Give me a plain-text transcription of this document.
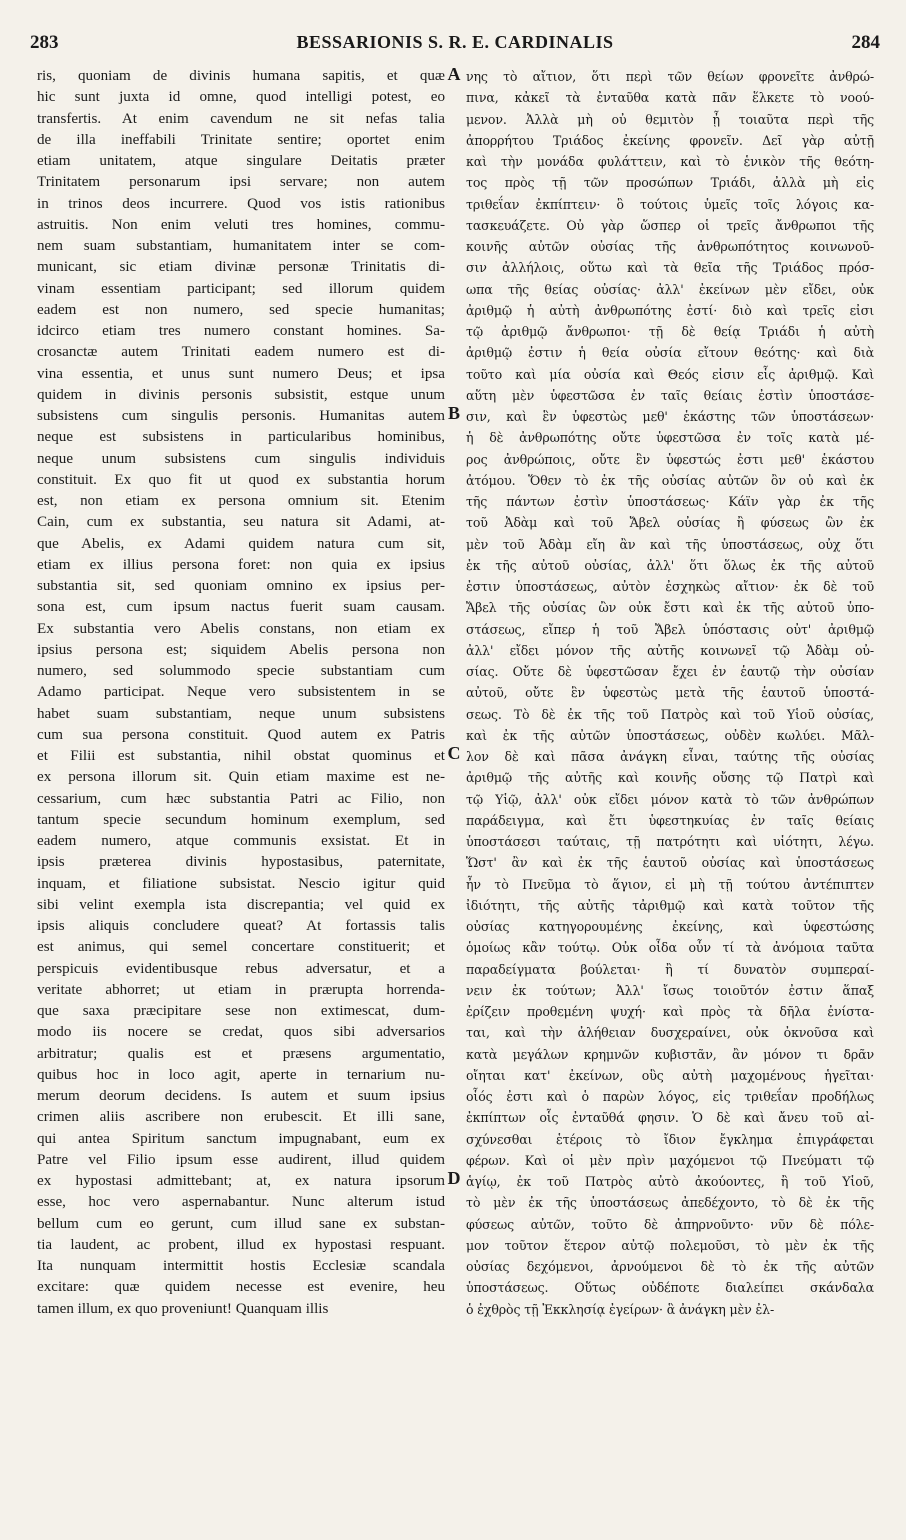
283	BESSARIONIS S. R. E. CARDINALIS	284
ris, quoniam de divinis humana sapitis, et quæ
hic sunt juxta id omne, quod intelligi potest, eo
transfertis. At enim cavendum ne sit nefas talia
de illa ineffabili Trinitate sentire; oportet enim
etiam unitatem, atque singulare Deitatis præter
Trinitatem personarum ipsi servare; non autem
in trinos deos incurrere. Quod vos istis rationibus
astruitis. Non enim veluti tres homines, commu-
nem suam substantiam, humanitatem inter se com-
municant, sic etiam divinæ personæ Trinitatis di-
vinam essentiam participant; sed illorum quidem
eadem est non numero, sed specie humanitas;
idcirco etiam tres numero constant homines. Sa-
crosanctæ autem Trinitati eadem numero est di-
vina essentia, et unus sunt numero Deus; et ipsa
quidem in divinis personis subsistit, estque unum
subsistens cum singulis personis. Humanitas autem
neque est subsistens in particularibus hominibus,
neque unum subsistens cum singulis individuis
constituit. Ex quo fit ut quod ex substantia horum
est, non etiam ex persona omnium sit. Etenim
Cain, cum ex substantia, seu natura sit Adami, at-
que Abelis, ex Adami quidem natura cum sit,
etiam ex illius persona foret: non quia ex ipsius
substantia sit, sed quoniam omnino ex ipsius per-
sona est, cum ipsum nactus fuerit suam causam.
Ex substantia vero Abelis constans, non etiam ex
ipsius persona est; siquidem Abelis persona non
numero, sed solummodo specie substantiam cum
Adamo participat. Neque vero subsistentem in se
habet suam substantiam, neque unum subsistens
cum sua persona constituit. Quod autem ex Patris
et Filii est substantia, nihil obstat quominus et
ex persona illorum sit. Quin etiam maxime est ne-
cessarium, cum hæc substantia Patri ac Filio, non
tantum specie secundum hominum exemplum, sed
eadem numero, atque communis exsistat. Et in
ipsis præterea divinis hypostasibus, paternitate,
inquam, et filiatione subsistat. Nescio igitur quid
sibi velint exempla ista discrepantia; vel quid ex
ipsis aliquis concludere queat? At fortassis talis
est animus, qui semel concertare constituerit; et
perspicuis evidentibusque rebus adversatur, et a
veritate abhorret; ut etiam in prærupta horrenda-
que saxa præcipitare sese non extimescat, dum-
modo iis nocere se credat, quos sibi adversarios
arbitratur; qualis est et præsens argumentatio,
quibus hoc in loco agit, aperte in ternarium nu-
merum deorum decidens. Is autem et suum ipsius
crimen aliis ascribere non erubescit. Et illi sane,
qui antea Spiritum sanctum impugnabant, eum ex
Patre vel Filio ipsum esse audirent, illud quidem
ex hypostasi admittebant; at, ex natura ipsorum
esse, hoc vero aspernabantur. Nunc alterum istud
bellum cum eo gerunt, cum illud sane ex substan-
tia laudent, ac probent, illud ex hypostasi respuant.
Ita nunquam intermittit hostis Ecclesiæ scandala
excitare: quæ quidem necesse est evenire, heu
tamen illum, ex quo proveniunt! Quanquam illis
νης τὸ αἴτιον, ὅτι περὶ τῶν θείων φρονεῖτε ἀνθρώ-
πινα, κἀκεῖ τὰ ἐνταῦθα κατὰ πᾶν ἕλκετε τὸ νοού-
μενον. Ἀλλὰ μὴ οὐ θεμιτὸν ᾖ τοιαῦτα περὶ τῆς
ἀπορρήτου Τριάδος ἐκείνης φρονεῖν. Δεῖ γὰρ αὐτῇ
καὶ τὴν μονάδα φυλάττειν, καὶ τὸ ἑνικὸν τῆς θεότη-
τος πρὸς τῇ τῶν προσώπων Τριάδι, ἀλλὰ μὴ εἰς
τριθεΐαν ἐκπίπτειν· ὃ τούτοις ὑμεῖς τοῖς λόγοις κα-
τασκευάζετε. Οὐ γὰρ ὥσπερ οἱ τρεῖς ἄνθρωποι τῆς
κοινῆς αὐτῶν οὐσίας τῆς ἀνθρωπότητος κοινωνοῦ-
σιν ἀλλήλοις, οὕτω καὶ τὰ θεῖα τῆς Τριάδος πρόσ-
ωπα τῆς θείας οὐσίας· ἀλλ' ἐκείνων μὲν εἴδει, οὐκ
ἀριθμῷ ἡ αὐτὴ ἀνθρωπότης ἐστί· διὸ καὶ τρεῖς εἰσι
τῷ ἀριθμῷ ἄνθρωποι· τῇ δὲ θείᾳ Τριάδι ἡ αὐτὴ
ἀριθμῷ ἐστιν ἡ θεία οὐσία εἴτουν θεότης· καὶ διὰ
τοῦτο καὶ μία οὐσία καὶ Θεός εἰσιν εἷς ἀριθμῷ. Καὶ
αὕτη μὲν ὑφεστῶσα ἐν ταῖς θείαις ἐστὶν ὑποστάσε-
σιν, καὶ ἓν ὑφεστὼς μεθ' ἑκάστης τῶν ὑποστάσεων·
ἡ δὲ ἀνθρωπότης οὔτε ὑφεστῶσα ἐν τοῖς κατὰ μέ-
ρος ἀνθρώποις, οὔτε ἓν ὑφεστώς ἐστι μεθ' ἑκάστου
ἀτόμου. Ὅθεν τὸ ἐκ τῆς οὐσίας αὐτῶν ὂν οὐ καὶ ἐκ
τῆς πάντων ἐστὶν ὑποστάσεως· Κάϊν γὰρ ἐκ τῆς
τοῦ Ἀδὰμ καὶ τοῦ Ἄβελ οὐσίας ἢ φύσεως ὢν ἐκ
μὲν τοῦ Ἀδὰμ εἴη ἂν καὶ τῆς ὑποστάσεως, οὐχ ὅτι
ἐκ τῆς αὐτοῦ οὐσίας, ἀλλ' ὅτι ὅλως ἐκ τῆς αὐτοῦ
ἐστιν ὑποστάσεως, αὐτὸν ἐσχηκὼς αἴτιον· ἐκ δὲ τοῦ
Ἄβελ τῆς οὐσίας ὢν οὐκ ἔστι καὶ ἐκ τῆς αὐτοῦ ὑπο-
στάσεως, εἴπερ ἡ τοῦ Ἄβελ ὑπόστασις οὐτ' ἀριθμῷ
ἀλλ' εἴδει μόνον τῆς αὐτῆς κοινωνεῖ τῷ Ἀδὰμ οὐ-
σίας. Οὔτε δὲ ὑφεστῶσαν ἔχει ἐν ἑαυτῷ τὴν οὐσίαν
αὐτοῦ, οὔτε ἓν ὑφεστὼς μετὰ τῆς ἑαυτοῦ ὑποστά-
σεως. Τὸ δὲ ἐκ τῆς τοῦ Πατρὸς καὶ τοῦ Υἱοῦ οὐσίας,
καὶ ἐκ τῆς αὐτῶν ὑποστάσεως, οὐδὲν κωλύει. Μᾶλ-
λον δὲ καὶ πᾶσα ἀνάγκη εἶναι, ταύτης τῆς οὐσίας
ἀριθμῷ τῆς αὐτῆς καὶ κοινῆς οὔσης τῷ Πατρὶ καὶ
τῷ Υἱῷ, ἀλλ' οὐκ εἴδει μόνον κατὰ τὸ τῶν ἀνθρώπων
παράδειγμα, καὶ ἔτι ὑφεστηκυίας ἐν ταῖς θείαις
ὑποστάσεσι ταύταις, τῇ πατρότητι καὶ υἱότητι, λέγω.
Ὥστ' ἂν καὶ ἐκ τῆς ἑαυτοῦ οὐσίας καὶ ὑποστάσεως
ἦν τὸ Πνεῦμα τὸ ἅγιον, εἰ μὴ τῇ τούτου ἀντέπιπτεν
ἰδιότητι, τῆς αὐτῆς τἀριθμῷ καὶ κατὰ τοῦτον τῆς
οὐσίας κατηγορουμένης ἐκείνης, καὶ ὑφεστώσης
ὁμοίως κἂν τούτῳ. Οὐκ οἶδα οὖν τί τὰ ἀνόμοια ταῦτα
παραδείγματα βούλεται· ἢ τί δυνατὸν συμπεραί-
νειν ἐκ τούτων; Ἀλλ' ἴσως τοιοῦτόν ἐστιν ἅπαξ
ἐρίζειν προθεμένη ψυχή· καὶ πρὸς τὰ δῆλα ἐνίστα-
ται, καὶ τὴν ἀλήθειαν δυσχεραίνει, οὐκ ὀκνοῦσα καὶ
κατὰ μεγάλων κρημνῶν κυβιστᾶν, ἂν μόνον τι δρᾶν
οἴηται κατ' ἐκείνων, οὓς αὐτὴ μαχομένους ἡγεῖται·
οἷός ἐστι καὶ ὁ παρὼν λόγος, εἰς τριθεΐαν προδήλως
ἐκπίπτων οἷς ἐνταῦθά φησιν. Ὁ δὲ καὶ ἄνευ τοῦ αἰ-
σχύνεσθαι ἑτέροις τὸ ἴδιον ἔγκλημα ἐπιγράφεται
φέρων. Καὶ οἱ μὲν πρὶν μαχόμενοι τῷ Πνεύματι τῷ
ἁγίῳ, ἐκ τοῦ Πατρὸς αὐτὸ ἀκούοντες, ἢ τοῦ Υἱοῦ,
τὸ μὲν ἐκ τῆς ὑποστάσεως ἀπεδέχοντο, τὸ δὲ ἐκ τῆς
φύσεως αὐτῶν, τοῦτο δὲ ἀπηρνοῦντο· νῦν δὲ πόλε-
μον τοῦτον ἕτερον αὐτῷ πολεμοῦσι, τὸ μὲν ἐκ τῆς
οὐσίας δεχόμενοι, ἀρνούμενοι δὲ τὸ ἐκ τῆς αὐτῶν
ὑποστάσεως. Οὕτως οὐδέποτε διαλείπει σκάνδαλα
ὁ ἐχθρὸς τῇ Ἐκκλησίᾳ ἐγείρων· ἃ ἀνάγκη μὲν ἐλ-
A
B
C
D
